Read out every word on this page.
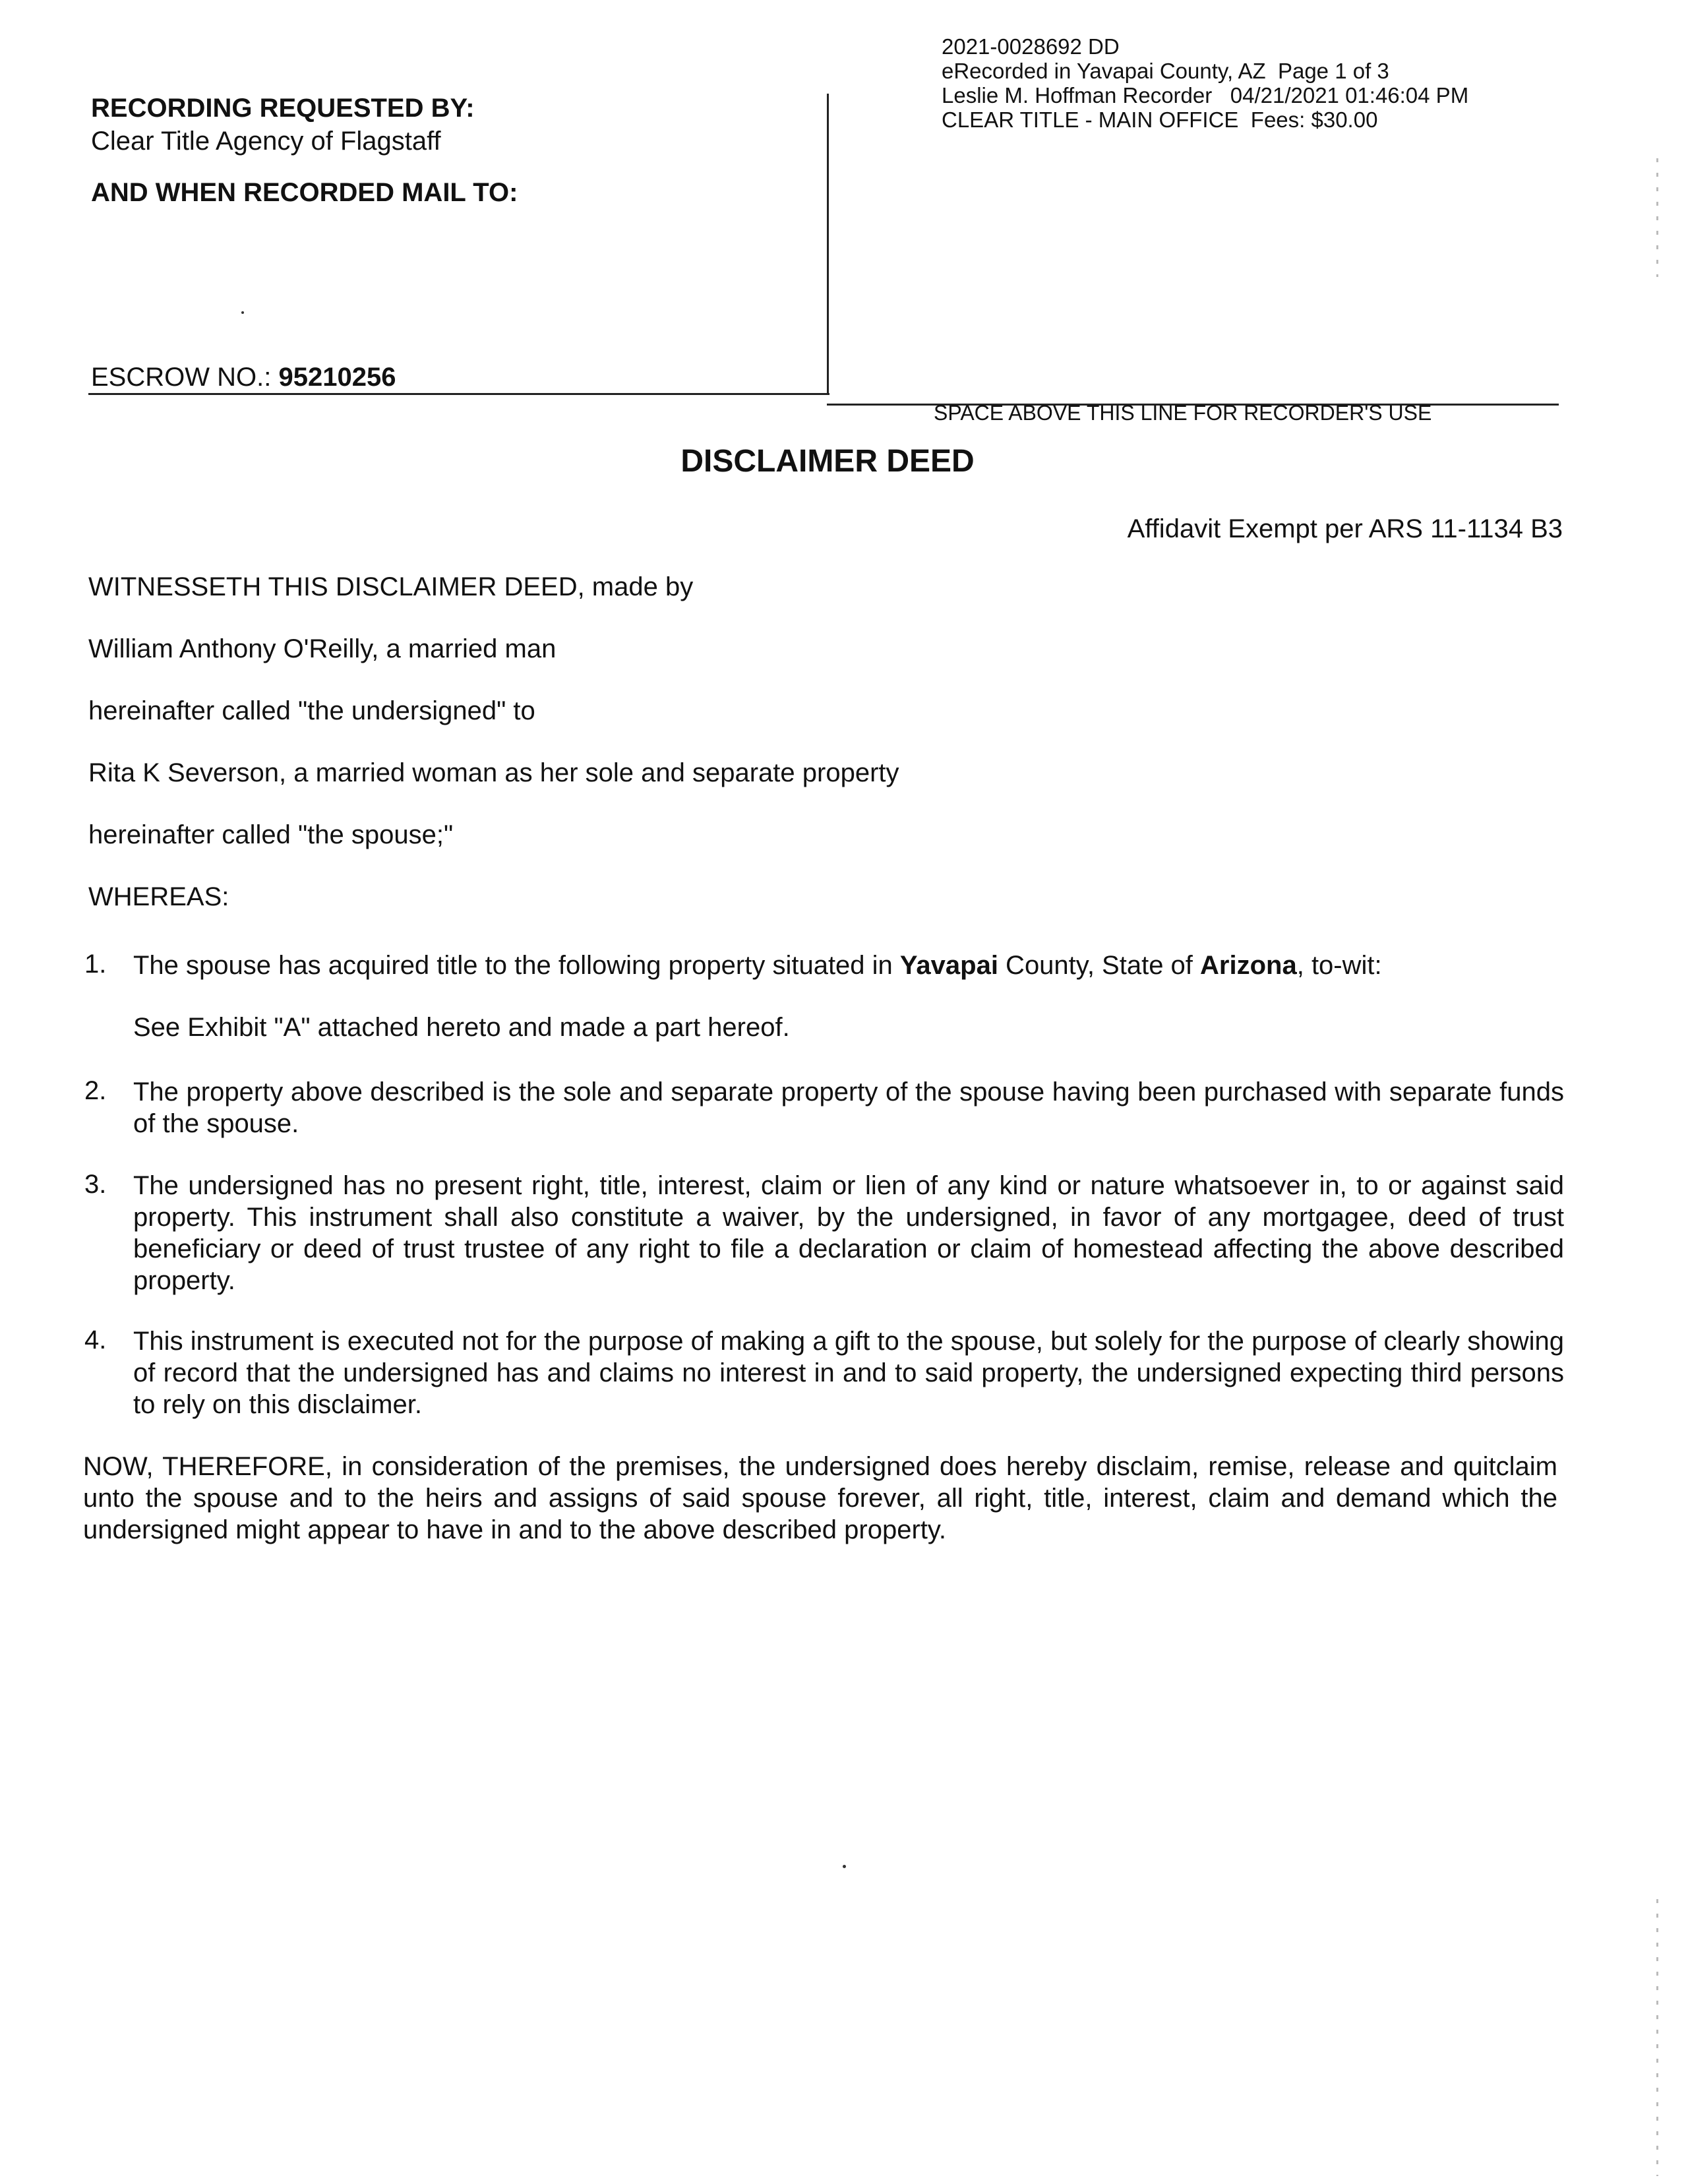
2021-0028692 DD
eRecorded in Yavapai County, AZ  Page 1 of 3
Leslie M. Hoffman Recorder   04/21/2021 01:46:04 PM
CLEAR TITLE - MAIN OFFICE  Fees: $30.00
RECORDING REQUESTED BY:
Clear Title Agency of Flagstaff
AND WHEN RECORDED MAIL TO:
ESCROW NO.: 95210256
SPACE ABOVE THIS LINE FOR RECORDER'S USE
DISCLAIMER DEED
Affidavit Exempt per ARS 11-1134 B3
WITNESSETH THIS DISCLAIMER DEED, made by
William Anthony O'Reilly, a married man
hereinafter called "the undersigned" to
Rita K Severson, a married woman as her sole and separate property
hereinafter called "the spouse;"
WHEREAS:
1. The spouse has acquired title to the following property situated in Yavapai County, State of Arizona, to-wit:
See Exhibit "A" attached hereto and made a part hereof.
2. The property above described is the sole and separate property of the spouse having been purchased with separate funds of the spouse.
3. The undersigned has no present right, title, interest, claim or lien of any kind or nature whatsoever in, to or against said property. This instrument shall also constitute a waiver, by the undersigned, in favor of any mortgagee, deed of trust beneficiary or deed of trust trustee of any right to file a declaration or claim of homestead affecting the above described property.
4. This instrument is executed not for the purpose of making a gift to the spouse, but solely for the purpose of clearly showing of record that the undersigned has and claims no interest in and to said property, the undersigned expecting third persons to rely on this disclaimer.
NOW, THEREFORE, in consideration of the premises, the undersigned does hereby disclaim, remise, release and quitclaim unto the spouse and to the heirs and assigns of said spouse forever, all right, title, interest, claim and demand which the undersigned might appear to have in and to the above described property.
